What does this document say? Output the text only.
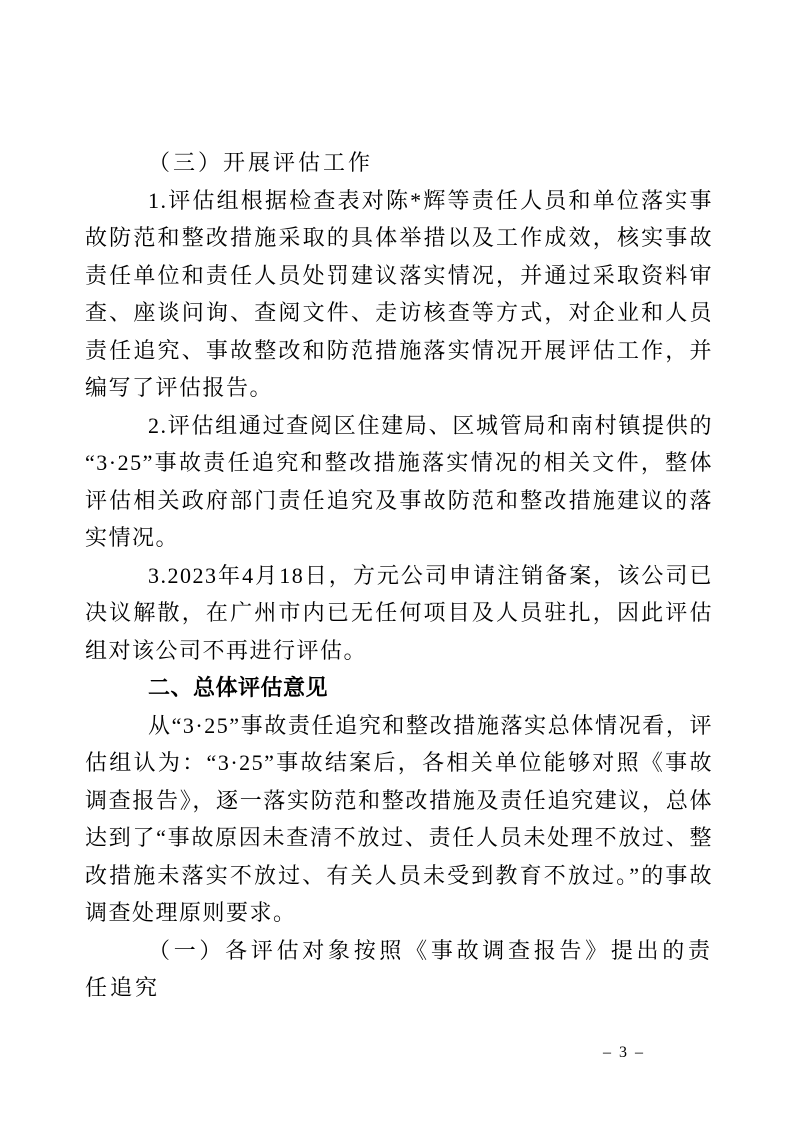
（三）开展评估工作

1.评估组根据检查表对陈*辉等责任人员和单位落实事故防范和整改措施采取的具体举措以及工作成效，核实事故责任单位和责任人员处罚建议落实情况，并通过采取资料审查、座谈问询、查阅文件、走访核查等方式，对企业和人员责任追究、事故整改和防范措施落实情况开展评估工作，并编写了评估报告。

2.评估组通过查阅区住建局、区城管局和南村镇提供的“3·25”事故责任追究和整改措施落实情况的相关文件，整体评估相关政府部门责任追究及事故防范和整改措施建议的落实情况。

3.2023年4月18日，方元公司申请注销备案，该公司已决议解散，在广州市内已无任何项目及人员驻扎，因此评估组对该公司不再进行评估。

二、总体评估意见

从“3·25”事故责任追究和整改措施落实总体情况看，评估组认为：“3·25”事故结案后，各相关单位能够对照《事故调查报告》，逐一落实防范和整改措施及责任追究建议，总体达到了“事故原因未查清不放过、责任人员未处理不放过、整改措施未落实不放过、有关人员未受到教育不放过。”的事故调查处理原则要求。

（一）各评估对象按照《事故调查报告》提出的责任追究

– 3 –
